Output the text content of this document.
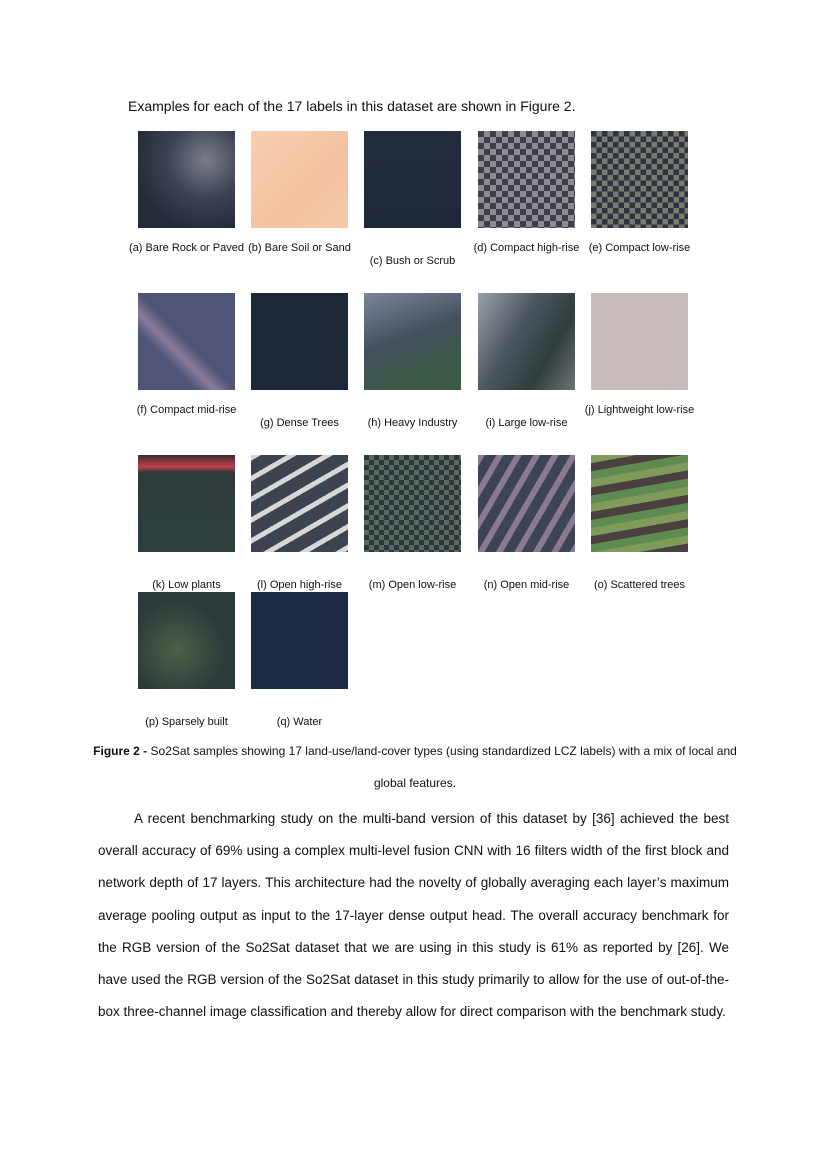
Examples for each of the 17 labels in this dataset are shown in Figure 2.
(a) Bare Rock or Paved (b) Bare Soil or Sand
(c) Bush or Scrub
(d) Compact high-rise (e) Compact low-rise
(f) Compact mid-rise
(g) Dense Trees	(h) Heavy Industry	(i) Large low-rise
(j) Lightweight low-rise
(k) Low plants	(l) Open high-rise	(m) Open low-rise	(n) Open mid-rise	(o) Scattered trees
(p) Sparsely built	(q) Water
Figure 2 - So2Sat samples showing 17 land-use/land-cover types (using standardized LCZ labels) with a mix of local and global features.

A recent benchmarking study on the multi-band version of this dataset by [36] achieved the best overall accuracy of 69% using a complex multi-level fusion CNN with 16 filters width of the first block and network depth of 17 layers. This architecture had the novelty of globally averaging each layer’s maximum average pooling output as input to the 17-layer dense output head. The overall accuracy benchmark for the RGB version of the So2Sat dataset that we are using in this study is 61% as reported by [26]. We have used the RGB version of the So2Sat dataset in this study primarily to allow for the use of out-of-the-box three-channel image classification and thereby allow for direct comparison with the benchmark study.
